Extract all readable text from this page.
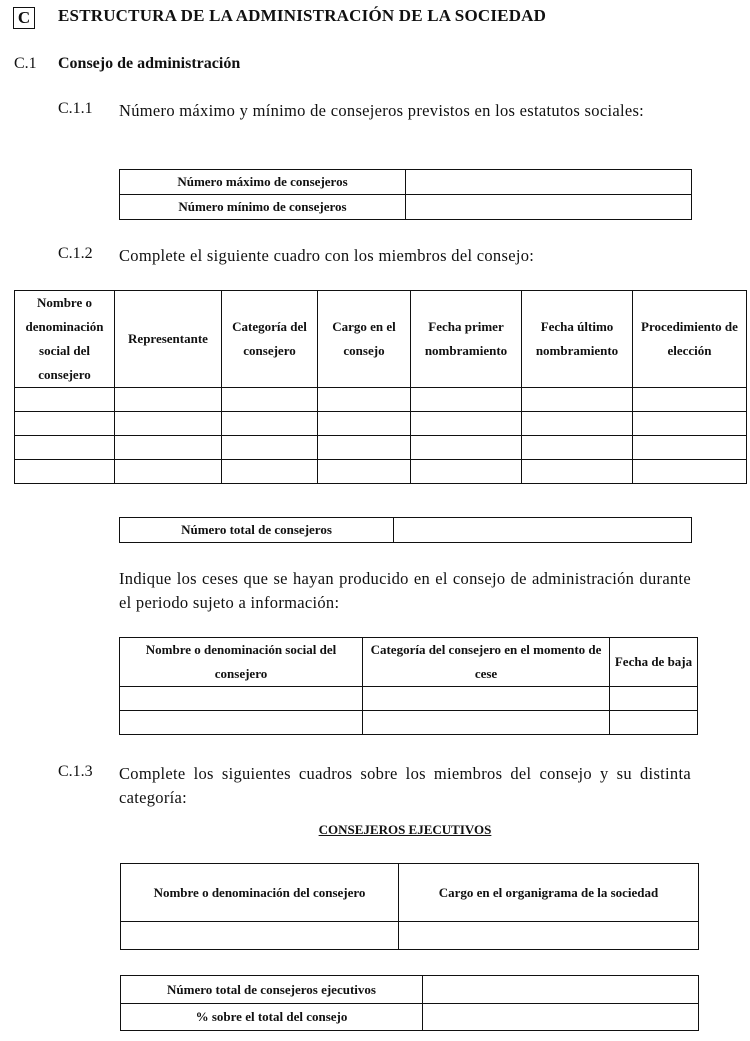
C ESTRUCTURA DE LA ADMINISTRACIÓN DE LA SOCIEDAD
C.1 Consejo de administración
C.1.1 Número máximo y mínimo de consejeros previstos en los estatutos sociales:
Número máximo de consejeros	
Número mínimo de consejeros	
C.1.2 Complete el siguiente cuadro con los miembros del consejo:
Nombre o denominación social del consejero	Representante	Categoría del consejero	Cargo en el consejo	Fecha primer nombramiento	Fecha último nombramiento	Procedimiento de elección

Número total de consejeros	
Indique los ceses que se hayan producido en el consejo de administración durante el periodo sujeto a información:
Nombre o denominación social del consejero	Categoría del consejero en el momento de cese	Fecha de baja

C.1.3 Complete los siguientes cuadros sobre los miembros del consejo y su distinta categoría:
CONSEJEROS EJECUTIVOS
Nombre o denominación del consejero	Cargo en el organigrama de la sociedad

Número total de consejeros ejecutivos	
% sobre el total del consejo	
